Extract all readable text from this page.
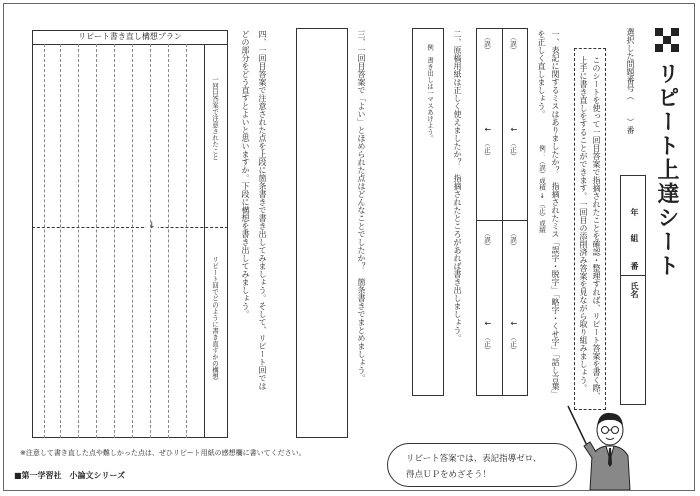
リピート上達シート
選択した問題番号（）番
このシートを使って一回目答案で指摘されたことを確認・整理すれば、リピート答案を書く際、
上手に書き直しをすることができます。一回目の添削済み答案を見ながら取り組みましょう。	年
組
番
氏名
一、表記に関するミスはありましたか？　指摘されたミス「誤字・脱字」「略字・くせ字」「話し言葉」
を正しく直しましょう。
例：（誤）成積 → （正）成績
（誤）
↓
（正）
（誤）
↓
（正）
（誤）
↓
（正）
（誤）
↓
（正）
二、原稿用紙は正しく使えましたか？　指摘されたところがあれば書き出しましょう。
例　書き出しは一マスあけよう。
三、一回目答案で「よい」とほめられた点はどんなことでしたか？　箇条書きでまとめましょう。
四、一回目答案で注意された点を上段に箇条書きで書き出してみましょう。そして、リピート回では
どの部分をどう直すとよいと思いますか。下段に構想を書き出してみましょう。
リピート書き直し構想プラン
↓
一回目答案で注意されたこと
リピート回でどのように書き直すかの構想
※注意して書き直した点や難しかった点は、ぜひリピート用紙の感想欄に書いてください。
■第一学習社　小論文シリーズ
リピート答案では、表記指導ゼロ、
得点ＵＰをめざそう！
